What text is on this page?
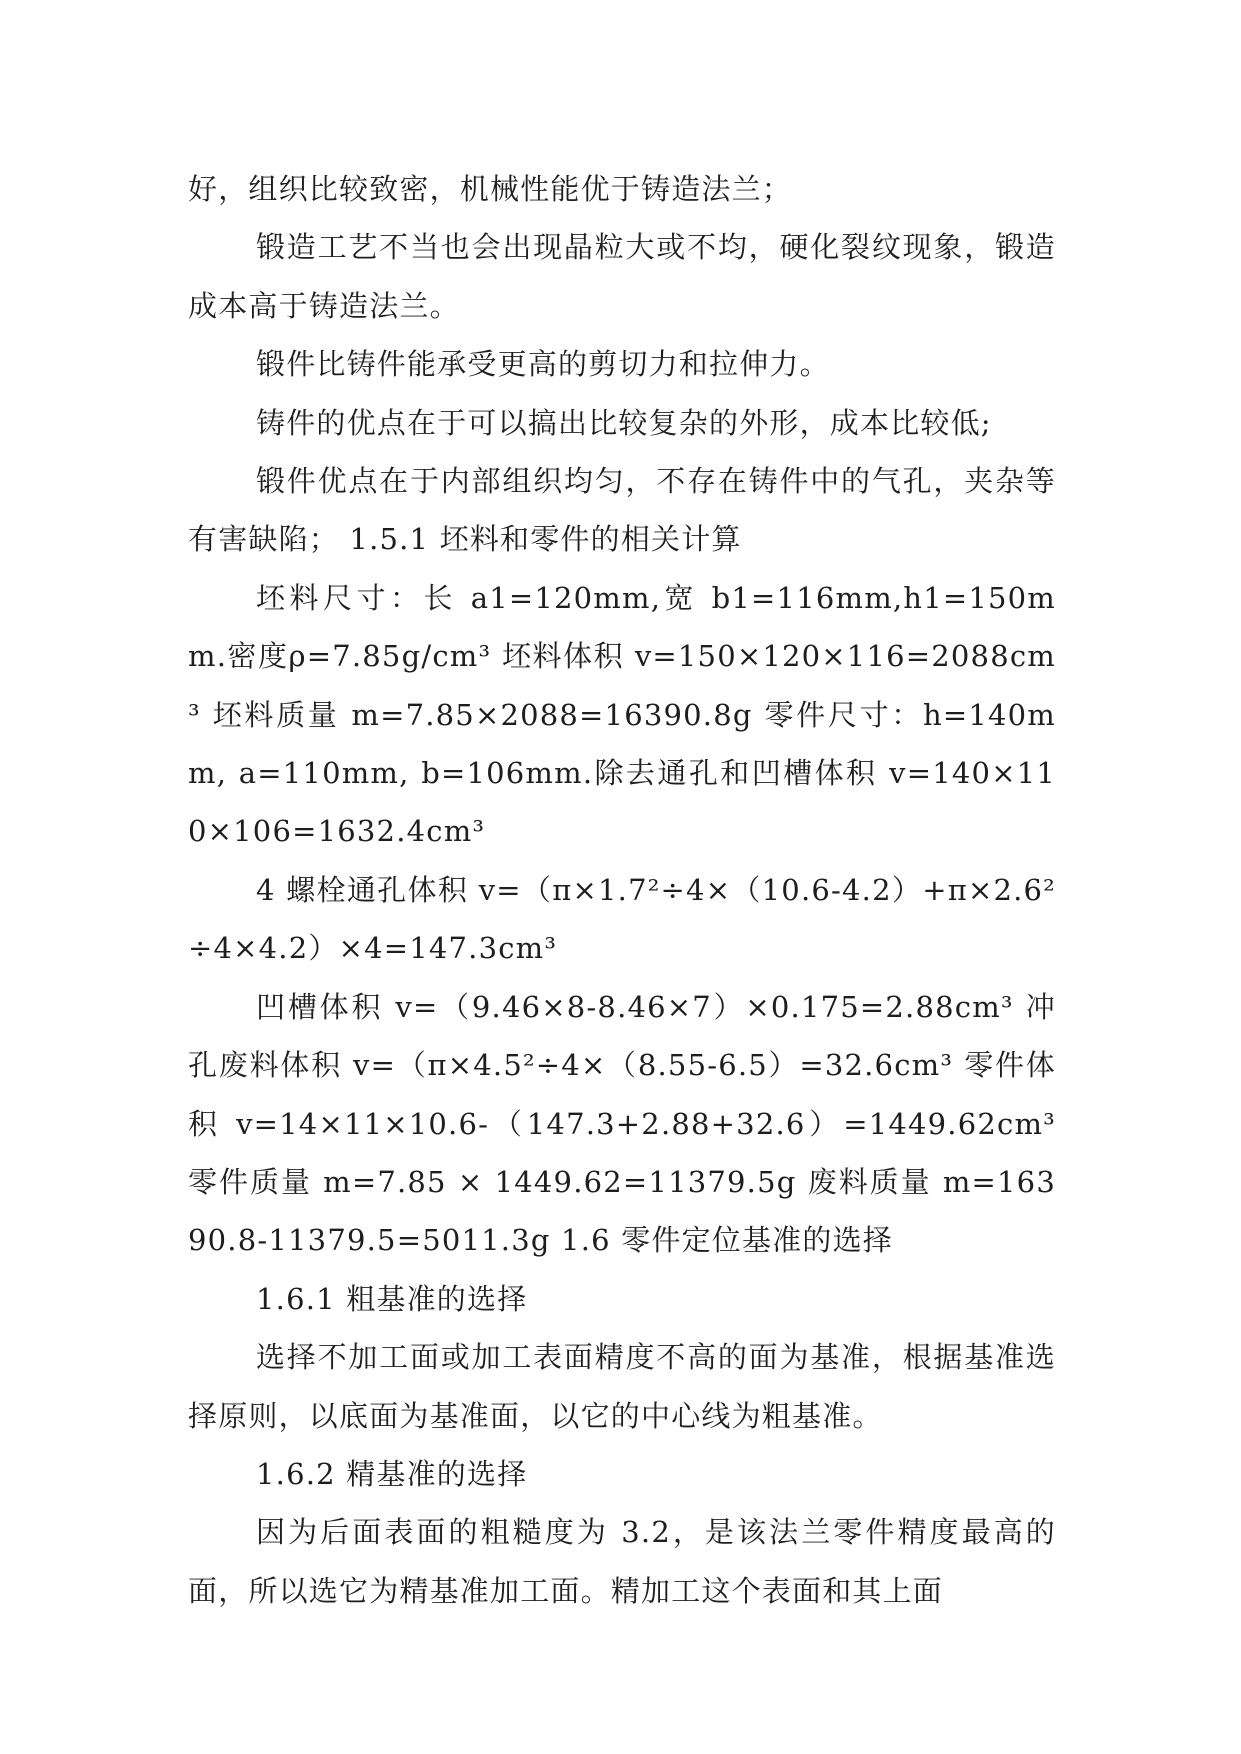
好，组织比较致密，机械性能优于铸造法兰；

锻造工艺不当也会出现晶粒大或不均，硬化裂纹现象，锻造成本高于铸造法兰。

锻件比铸件能承受更高的剪切力和拉伸力。

铸件的优点在于可以搞出比较复杂的外形，成本比较低;

锻件优点在于内部组织均匀，不存在铸件中的气孔，夹杂等有害缺陷； 1.5.1 坯料和零件的相关计算

坯料尺寸：长 a1=120mm,宽 b1=116mm,h1=150mm.密度ρ=7.85g/cm³ 坯料体积 v=150×120×116=2088cm³ 坯料质量 m=7.85×2088=16390.8g 零件尺寸：h=140mm, a=110mm, b=106mm.除去通孔和凹槽体积 v=140×110×106=1632.4cm³

4 螺栓通孔体积 v=（π×1.7²÷4×（10.6-4.2）+π×2.6²÷4×4.2）×4=147.3cm³

凹槽体积 v=（9.46×8-8.46×7）×0.175=2.88cm³ 冲孔废料体积 v=（π×4.5²÷4×（8.55-6.5）=32.6cm³ 零件体积 v=14×11×10.6-（147.3+2.88+32.6）=1449.62cm³ 零件质量 m=7.85 × 1449.62=11379.5g 废料质量 m=16390.8-11379.5=5011.3g 1.6 零件定位基准的选择

1.6.1 粗基准的选择

选择不加工面或加工表面精度不高的面为基准，根据基准选择原则，以底面为基准面，以它的中心线为粗基准。

1.6.2 精基准的选择

因为后面表面的粗糙度为 3.2，是该法兰零件精度最高的面，所以选它为精基准加工面。精加工这个表面和其上面
